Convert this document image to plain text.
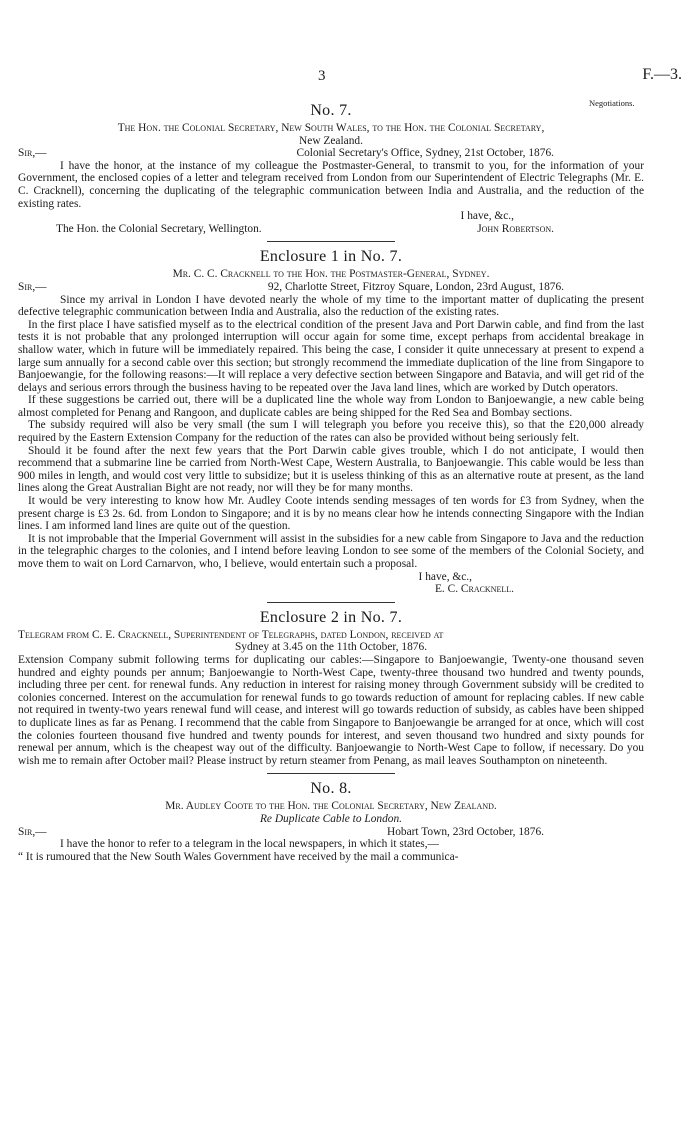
3	F.—3.
Negotiations.
No. 7.

The Hon. the Colonial Secretary, New South Wales, to the Hon. the Colonial Secretary,

New Zealand.

Sir,—	Colonial Secretary's Office, Sydney, 21st October, 1876.

I have the honor, at the instance of my colleague the Postmaster-General, to transmit to you, for the information of your Government, the enclosed copies of a letter and telegram received from London from our Superintendent of Electric Telegraphs (Mr. E. C. Cracknell), concerning the duplicating of the telegraphic communication between India and Australia, and the reduction of the existing rates.

I have, &c.,

The Hon. the Colonial Secretary, Wellington.	John Robertson.
Enclosure 1 in No. 7.

Mr. C. C. Cracknell to the Hon. the Postmaster-General, Sydney.

Sir,—	92, Charlotte Street, Fitzroy Square, London, 23rd August, 1876.

Since my arrival in London I have devoted nearly the whole of my time to the important matter of duplicating the present defective telegraphic communication between India and Australia, also the reduction of the existing rates.

In the first place I have satisfied myself as to the electrical condition of the present Java and Port Darwin cable, and find from the last tests it is not probable that any prolonged interruption will occur again for some time, except perhaps from accidental breakage in shallow water, which in future will be immediately repaired. This being the case, I consider it quite unnecessary at present to expend a large sum annually for a second cable over this section; but strongly recommend the immediate duplication of the line from Singapore to Banjoewangie, for the following reasons:—It will replace a very defective section between Singapore and Batavia, and will get rid of the delays and serious errors through the business having to be repeated over the Java land lines, which are worked by Dutch operators.

If these suggestions be carried out, there will be a duplicated line the whole way from London to Banjoewangie, a new cable being almost completed for Penang and Rangoon, and duplicate cables are being shipped for the Red Sea and Bombay sections.

The subsidy required will also be very small (the sum I will telegraph you before you receive this), so that the £20,000 already required by the Eastern Extension Company for the reduction of the rates can also be provided without being seriously felt.

Should it be found after the next few years that the Port Darwin cable gives trouble, which I do not anticipate, I would then recommend that a submarine line be carried from North-West Cape, Western Australia, to Banjoewangie. This cable would be less than 900 miles in length, and would cost very little to subsidize; but it is useless thinking of this as an alternative route at present, as the land lines along the Great Australian Bight are not ready, nor will they be for many months.

It would be very interesting to know how Mr. Audley Coote intends sending messages of ten words for £3 from Sydney, when the present charge is £3 2s. 6d. from London to Singapore; and it is by no means clear how he intends connecting Singapore with the Indian lines. I am informed land lines are quite out of the question.

It is not improbable that the Imperial Government will assist in the subsidies for a new cable from Singapore to Java and the reduction in the telegraphic charges to the colonies, and I intend before leaving London to see some of the members of the Colonial Society, and move them to wait on Lord Carnarvon, who, I believe, would entertain such a proposal.

I have, &c.,

E. C. Cracknell.

Enclosure 2 in No. 7.

Telegram from C. E. Cracknell, Superintendent of Telegraphs, dated London, received at

Sydney at 3.45 on the 11th October, 1876.

Extension Company submit following terms for duplicating our cables:—Singapore to Banjoewangie, Twenty-one thousand seven hundred and eighty pounds per annum; Banjoewangie to North-West Cape, twenty-three thousand two hundred and twenty pounds, including three per cent. for renewal funds. Any reduction in interest for raising money through Government subsidy will be credited to colonies concerned. Interest on the accumulation for renewal funds to go towards reduction of amount for replacing cables. If new cable not required in twenty-two years renewal fund will cease, and interest will go towards reduction of subsidy, as cables have been shipped to duplicate lines as far as Penang. I recommend that the cable from Singapore to Banjoewangie be arranged for at once, which will cost the colonies fourteen thousand five hundred and twenty pounds for interest, and seven thousand two hundred and sixty pounds for renewal per annum, which is the cheapest way out of the difficulty. Banjoewangie to North-West Cape to follow, if necessary. Do you wish me to remain after October mail? Please instruct by return steamer from Penang, as mail leaves Southampton on nineteenth.

No. 8.

Mr. Audley Coote to the Hon. the Colonial Secretary, New Zealand.

Re Duplicate Cable to London.

Sir,—	Hobart Town, 23rd October, 1876.

I have the honor to refer to a telegram in the local newspapers, in which it states,—

“ It is rumoured that the New South Wales Government have received by the mail a communica-
